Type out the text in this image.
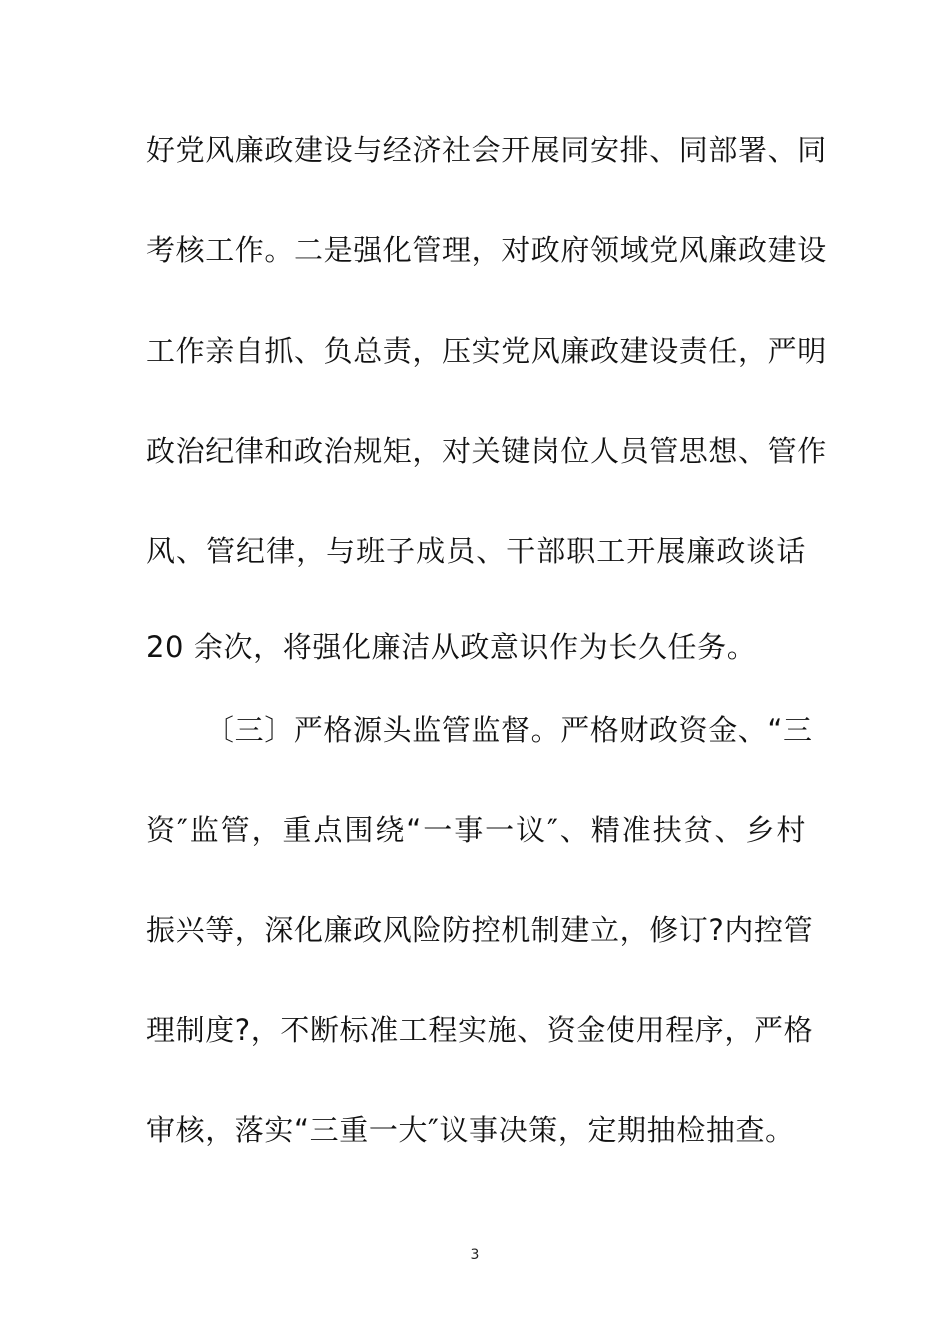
好党风廉政建设与经济社会开展同安排、同部署、同
考核工作。二是强化管理，对政府领域党风廉政建设
工作亲自抓、负总责，压实党风廉政建设责任，严明
政治纪律和政治规矩，对关键岗位人员管思想、管作
风、管纪律，与班子成员、干部职工开展廉政谈话
20 余次，将强化廉洁从政意识作为长久任务。
〔三〕严格源头监管监督。严格财政资金、“三
资″监管，重点围绕“一事一议″、精准扶贫、乡村
振兴等，深化廉政风险防控机制建立，修订?内控管
理制度?，不断标准工程实施、资金使用程序，严格
审核，落实“三重一大″议事决策，定期抽检抽查。
3
